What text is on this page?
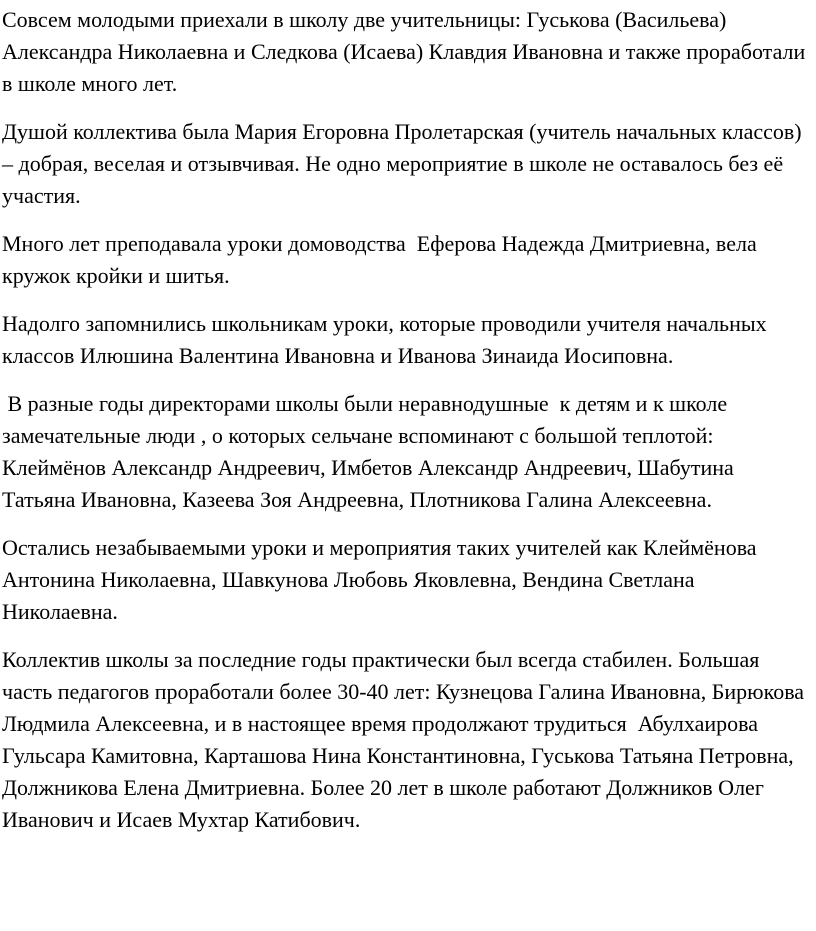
Совсем молодыми приехали в школу две учительницы: Гуськова (Васильева) Александра Николаевна и Следкова (Исаева) Клавдия Ивановна и также проработали в школе много лет.

Душой коллектива была Мария Егоровна Пролетарская (учитель начальных классов) – добрая, веселая и отзывчивая. Не одно мероприятие в школе не оставалось без её участия.

Много лет преподавала уроки домоводства  Еферова Надежда Дмитриевна, вела кружок кройки и шитья.

Надолго запомнились школьникам уроки, которые проводили учителя начальных классов Илюшина Валентина Ивановна и Иванова Зинаида Иосиповна.

В разные годы директорами школы были неравнодушные  к детям и к школе замечательные люди , о которых сельчане вспоминают с большой теплотой: Клеймёнов Александр Андреевич, Имбетов Александр Андреевич, Шабутина Татьяна Ивановна, Казеева Зоя Андреевна, Плотникова Галина Алексеевна.

Остались незабываемыми уроки и мероприятия таких учителей как Клеймёнова Антонина Николаевна, Шавкунова Любовь Яковлевна, Вендина Светлана Николаевна.

Коллектив школы за последние годы практически был всегда стабилен. Большая часть педагогов проработали более 30-40 лет: Кузнецова Галина Ивановна, Бирюкова Людмила Алексеевна, и в настоящее время продолжают трудиться  Абулхаирова Гульсара Камитовна, Карташова Нина Константиновна, Гуськова Татьяна Петровна, Должникова Елена Дмитриевна. Более 20 лет в школе работают Должников Олег Иванович и Исаев Мухтар Катибович.
